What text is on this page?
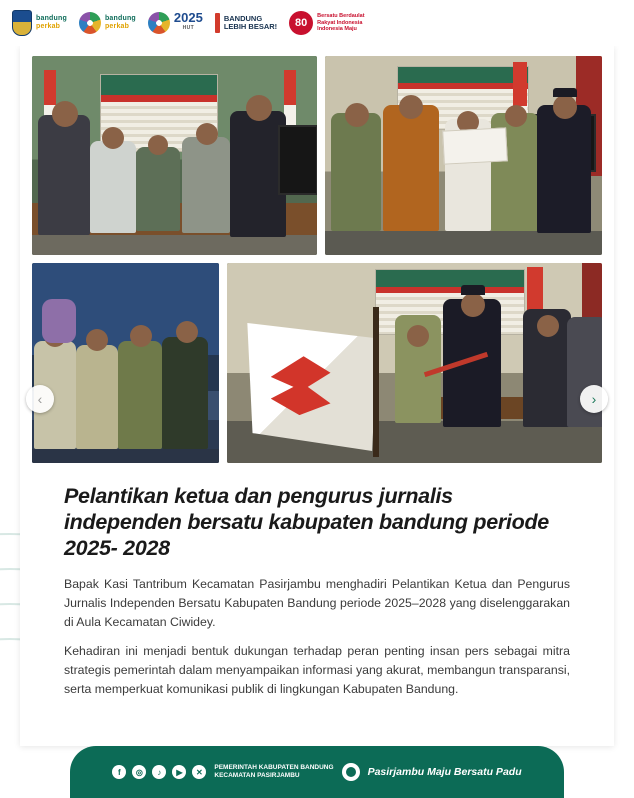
bandung
perkab
bandung
perkab
2025
HUT
BANDUNG
LEBIH BESAR!	80
Bersatu Berdaulat
Rakyat Indonesia
Indonesia Maju
‹	›
Pelantikan ketua dan pengurus jurnalis independen bersatu kabupaten bandung periode 2025- 2028

Bapak Kasi Tantribum Kecamatan Pasirjambu menghadiri Pelantikan Ketua dan Pengurus Jurnalis Independen Bersatu Kabupaten Bandung periode 2025–2028 yang diselenggarakan di Aula Kecamatan Ciwidey.

Kehadiran ini menjadi bentuk dukungan terhadap peran penting insan pers sebagai mitra strategis pemerintah dalam menyampaikan informasi yang akurat, membangun transparansi, serta memperkuat komunikasi publik di lingkungan Kabupaten Bandung.

f	◎	♪	▶	✕	PEMERINTAH KABUPATEN BANDUNG
KECAMATAN PASIRJAMBU	Pasirjambu Maju Bersatu Padu
